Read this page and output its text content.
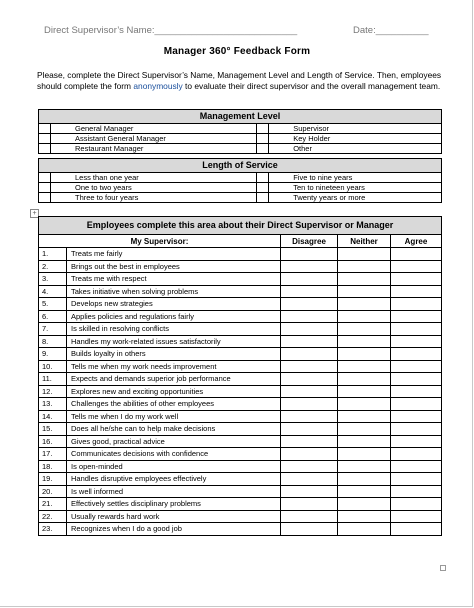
Direct Supervisor’s Name:___________________________	Date:__________
Manager 360° Feedback Form
Please, complete the Direct Supervisor’s Name, Management Level and Length of Service. Then, employees should complete the form anonymously to evaluate their direct supervisor and the overall management team.
Management Level			
	General Manager		Supervisor
	Assistant General Manager		Key Holder
	Restaurant Manager		Other

Length of Service			
	Less than one year		Five to nine years
	One to two years		Ten to nineteen years
	Three to four years		Twenty years or more
+
Employees complete this area about their Direct Supervisor or Manager				
My Supervisor:		Disagree	Neither	Agree
1.	Treats me fairly			
2.	Brings out the best in employees			
3.	Treats me with respect			
4.	Takes initiative when solving problems			
5.	Develops new strategies			
6.	Applies policies and regulations fairly			
7.	Is skilled in resolving conflicts			
8.	Handles my work-related issues satisfactorily			
9.	Builds loyalty in others			
10.	Tells me when my work needs improvement			
11.	Expects and demands superior job performance			
12.	Explores new and exciting opportunities			
13.	Challenges the abilities of other employees			
14.	Tells me when I do my work well			
15.	Does all he/she can to help make decisions			
16.	Gives good, practical advice			
17.	Communicates decisions with confidence			
18.	Is open-minded			
19.	Handles disruptive employees effectively			
20.	Is well informed			
21.	Effectively settles disciplinary problems			
22.	Usually rewards hard work			
23.	Recognizes when I do a good job			
